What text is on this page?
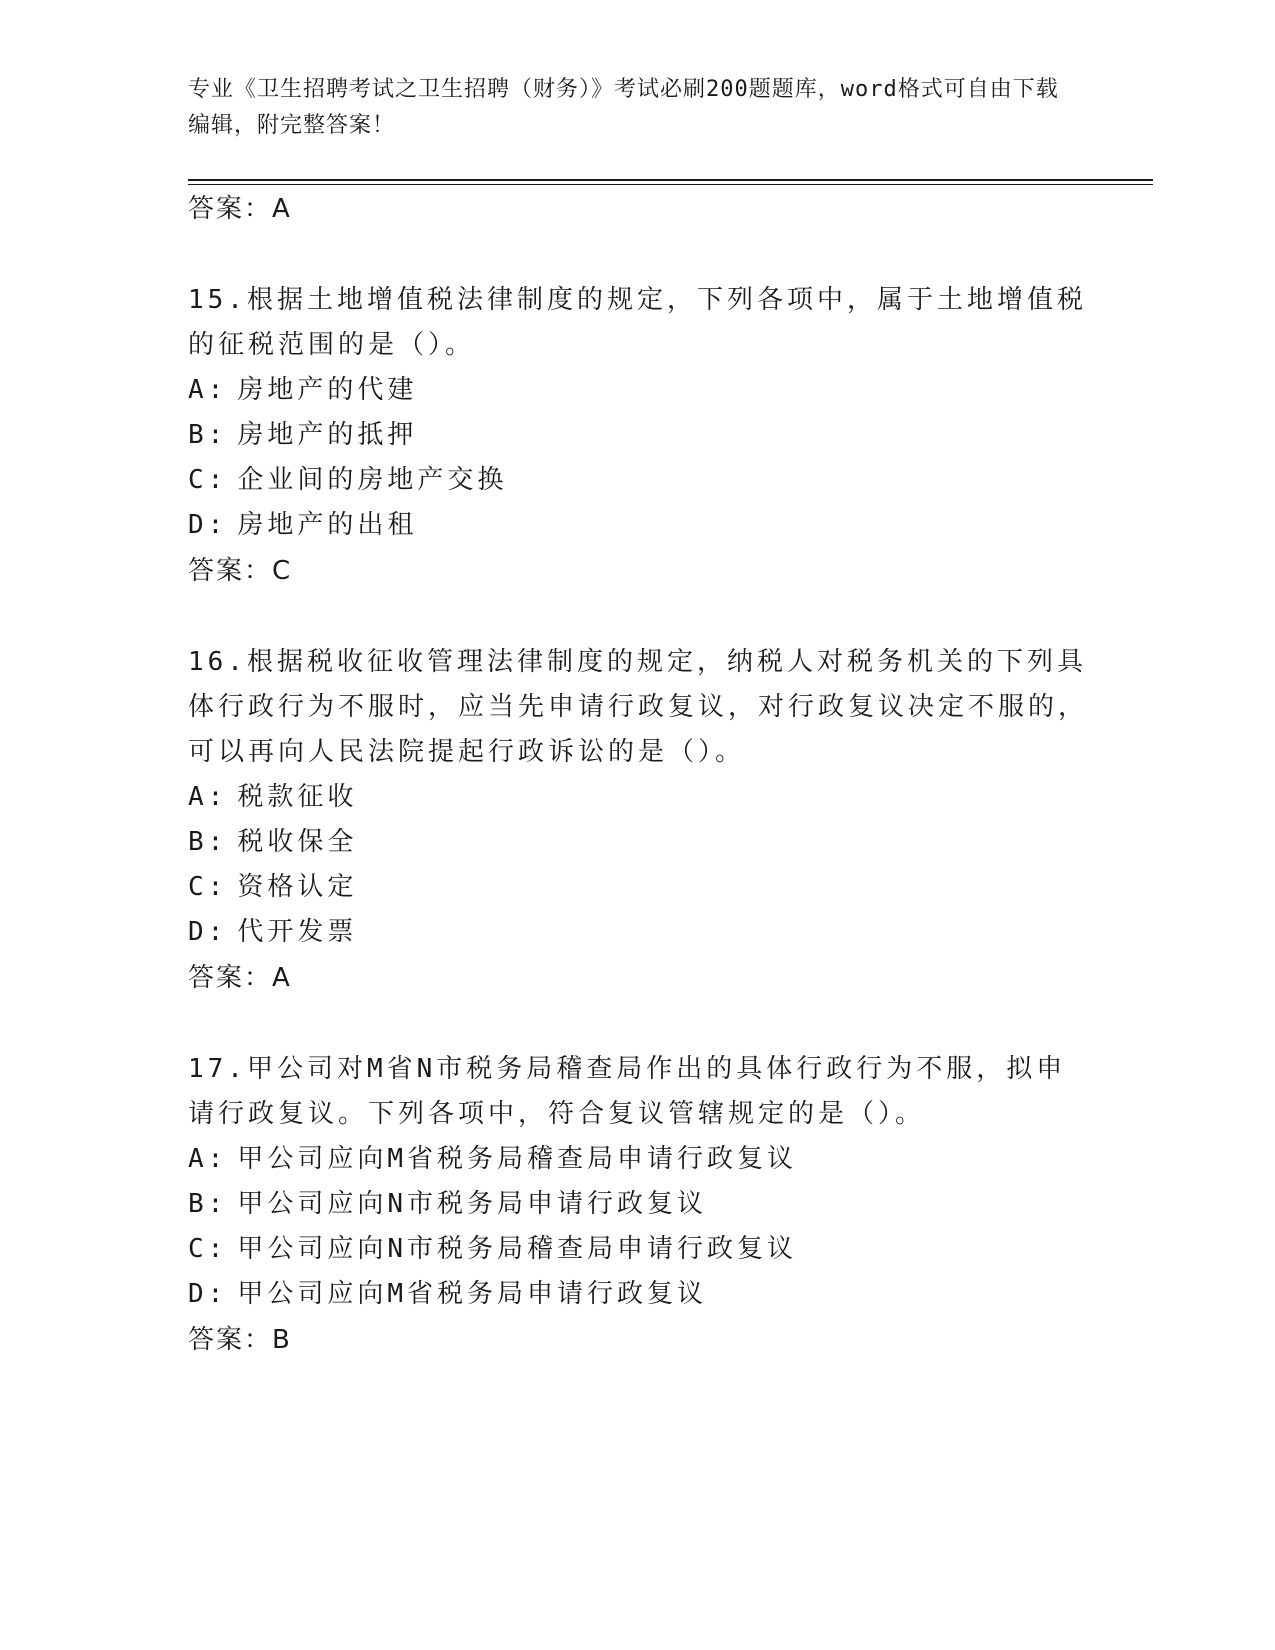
专业《卫生招聘考试之卫生招聘（财务）》考试必刷200题题库，word格式可自由下载编辑，附完整答案！
答案：A
15.根据土地增值税法律制度的规定，下列各项中，属于土地增值税的征税范围的是（）。
A: 房地产的代建
B: 房地产的抵押
C: 企业间的房地产交换
D: 房地产的出租
答案：C
16.根据税收征收管理法律制度的规定，纳税人对税务机关的下列具体行政行为不服时，应当先申请行政复议，对行政复议决定不服的，可以再向人民法院提起行政诉讼的是（）。
A: 税款征收
B: 税收保全
C: 资格认定
D: 代开发票
答案：A
17.甲公司对M省N市税务局稽查局作出的具体行政行为不服，拟申请行政复议。下列各项中，符合复议管辖规定的是（）。
A: 甲公司应向M省税务局稽查局申请行政复议
B: 甲公司应向N市税务局申请行政复议
C: 甲公司应向N市税务局稽查局申请行政复议
D: 甲公司应向M省税务局申请行政复议
答案：B
